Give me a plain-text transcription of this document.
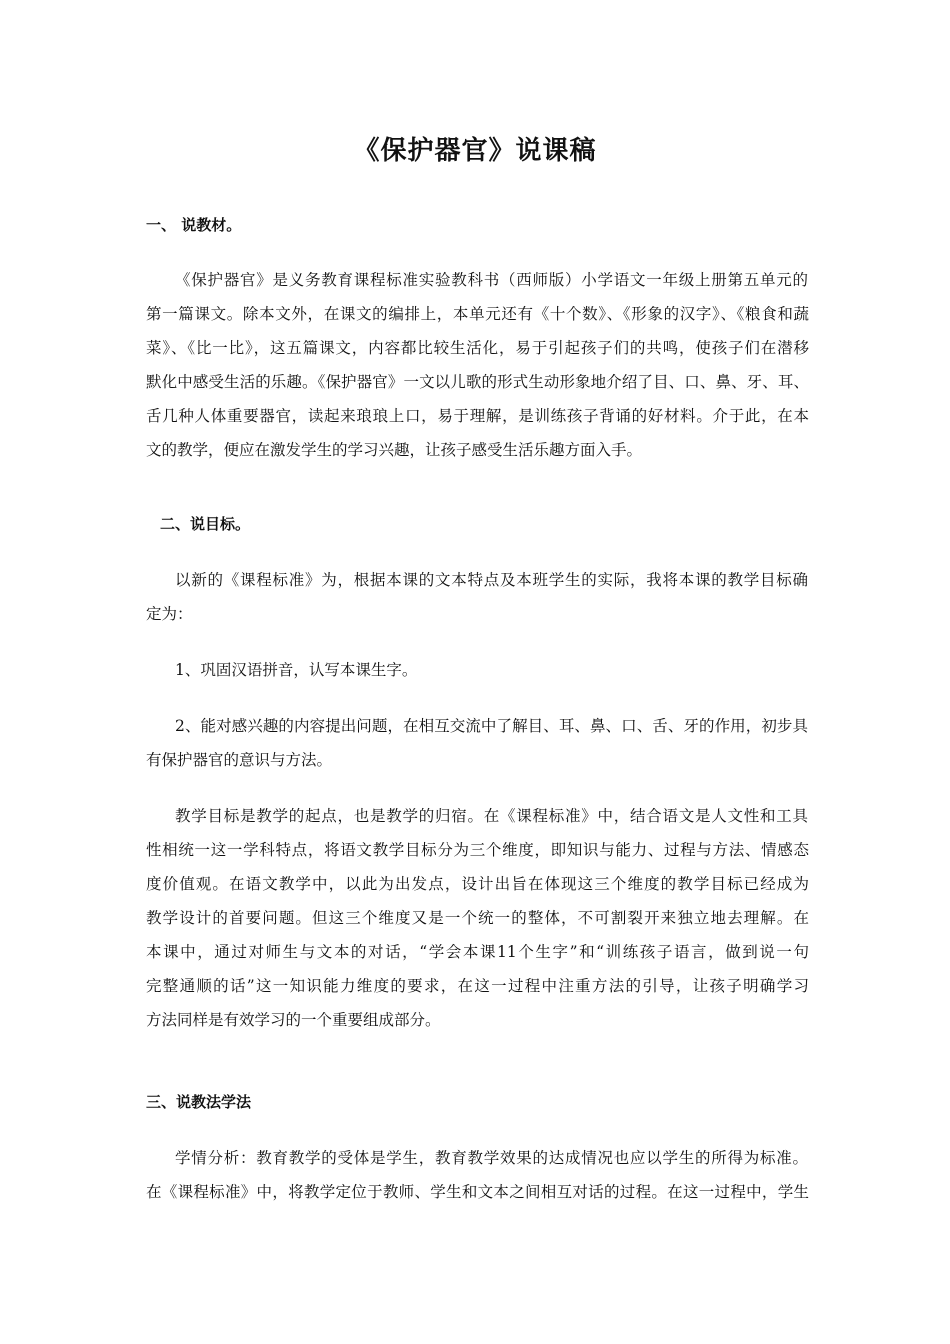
《保护器官》说课稿
一、 说教材。
《保护器官》是义务教育课程标准实验教科书（西师版）小学语文一年级上册第五单元的
第一篇课文。除本文外，在课文的编排上，本单元还有《十个数》、《形象的汉字》、《粮食和蔬
菜》、《比一比》，这五篇课文，内容都比较生活化，易于引起孩子们的共鸣，使孩子们在潜移
默化中感受生活的乐趣。《保护器官》一文以儿歌的形式生动形象地介绍了目、口、鼻、牙、耳、
舌几种人体重要器官，读起来琅琅上口，易于理解，是训练孩子背诵的好材料。介于此，在本
文的教学，便应在激发学生的学习兴趣，让孩子感受生活乐趣方面入手。
二、说目标。
以新的《课程标准》为，根据本课的文本特点及本班学生的实际，我将本课的教学目标确
定为：
1、巩固汉语拼音，认写本课生字。
2、能对感兴趣的内容提出问题，在相互交流中了解目、耳、鼻、口、舌、牙的作用，初步具
有保护器官的意识与方法。
教学目标是教学的起点，也是教学的归宿。在《课程标准》中，结合语文是人文性和工具
性相统一这一学科特点，将语文教学目标分为三个维度，即知识与能力、过程与方法、情感态
度价值观。在语文教学中，以此为出发点，设计出旨在体现这三个维度的教学目标已经成为
教学设计的首要问题。但这三个维度又是一个统一的整体，不可割裂开来独立地去理解。在
本课中，通过对师生与文本的对话，“学会本课11个生字”和“训练孩子语言，做到说一句
完整通顺的话”这一知识能力维度的要求，在这一过程中注重方法的引导，让孩子明确学习
方法同样是有效学习的一个重要组成部分。
三、说教法学法
学情分析：教育教学的受体是学生，教育教学效果的达成情况也应以学生的所得为标准。
在《课程标准》中，将教学定位于教师、学生和文本之间相互对话的过程。在这一过程中，学生
